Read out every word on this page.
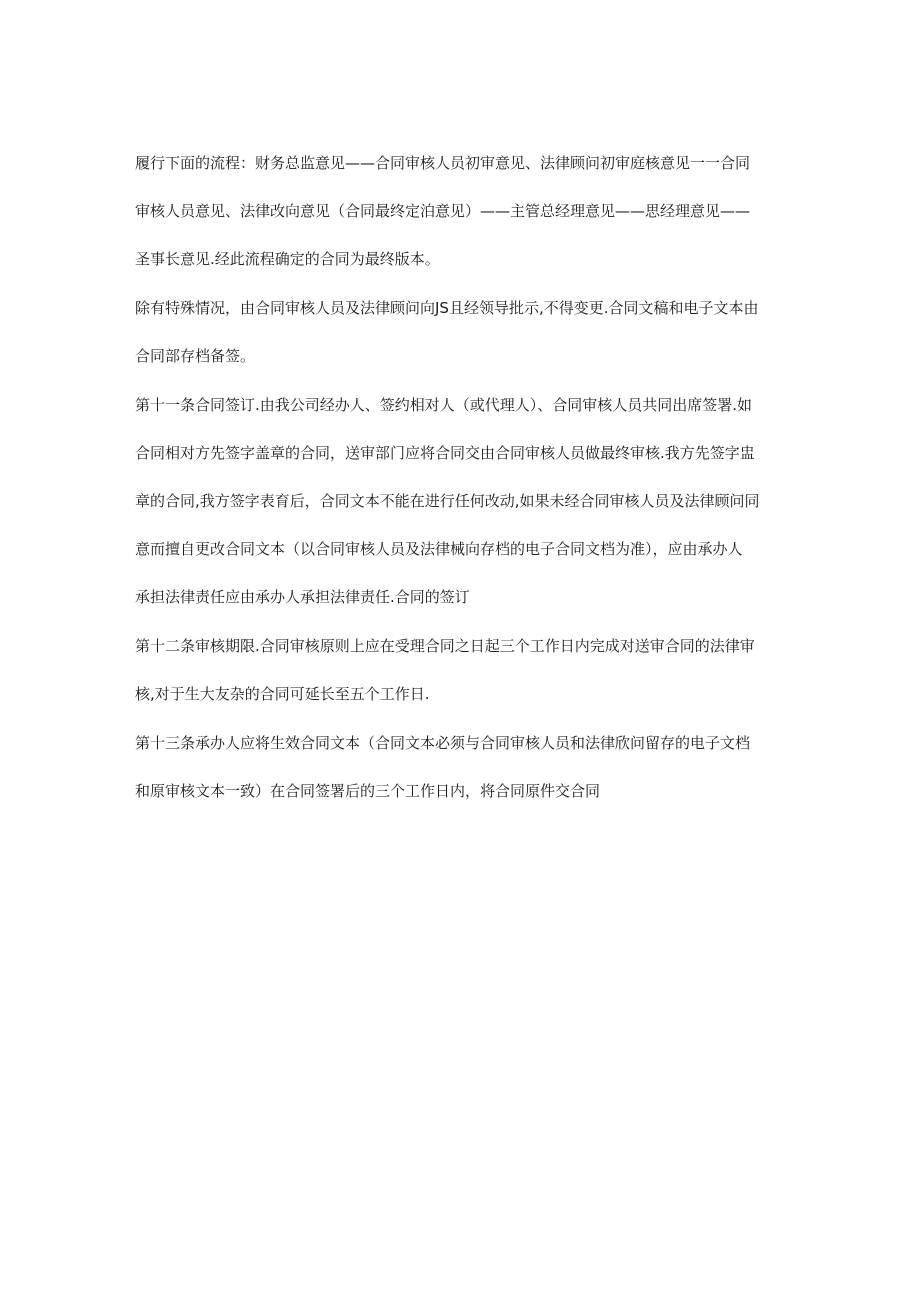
履行下面的流程：财务总监意见——合同审核人员初审意见、法律顾问初审庭核意见一一合同
审核人员意见、法律改向意见（合同最终定泊意见）——主管总经理意见——思经理意见——
圣事长意见.经此流程确定的合同为最终版本。
除有特殊情况，由合同审核人员及法律顾问向JS且经领导批示,不得变更.合同文稿和电子文本由
合同部存档备签。
第十一条合同签订.由我公司经办人、签约相对人（或代理人）、合同审核人员共同出席签署.如
合同相对方先签字盖章的合同，送审部门应将合同交由合同审核人员做最终审核.我方先签字盅
章的合同,我方签字表育后，合同文本不能在进行任何改动,如果未经合同审核人员及法律顾问同
意而擅自更改合同文本（以合同审核人员及法律械向存档的电子合同文档为准），应由承办人
承担法律责任应由承办人承担法律责任.合同的签订
第十二条审核期限.合同审核原则上应在受理合同之日起三个工作日内完成对送审合同的法律审
核,对于生大友杂的合同可延长至五个工作日.
第十三条承办人应将生效合同文本（合同文本必须与合同审核人员和法律欣问留存的电子文档
和原审核文本一致）在合同签署后的三个工作日内，将合同原件交合同
